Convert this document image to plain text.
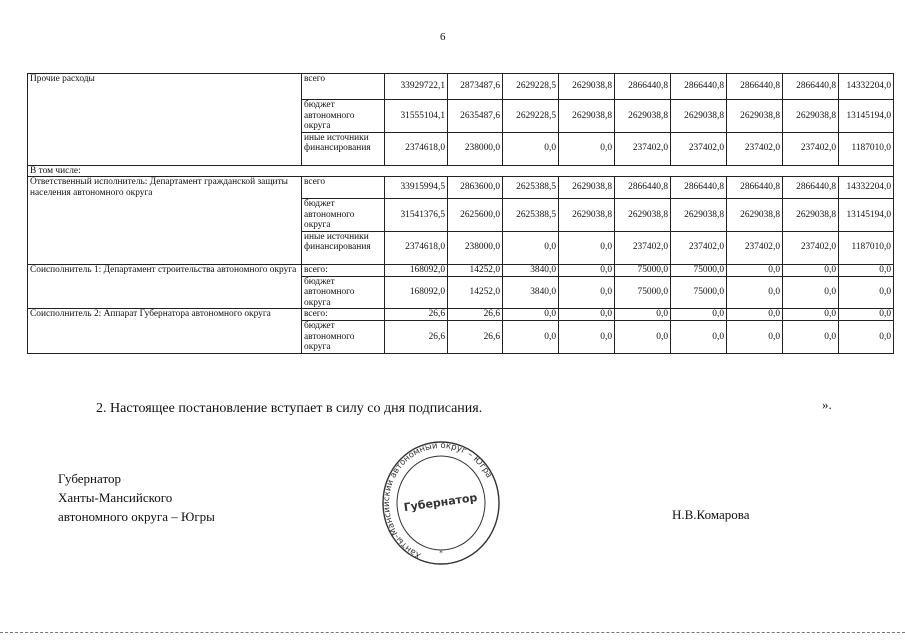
6
Прочие расходы	всего	33929722,1	2873487,6	2629228,5	2629038,8	2866440,8	2866440,8	2866440,8	2866440,8	14332204,0
	бюджет автономного округа	31555104,1	2635487,6	2629228,5	2629038,8	2629038,8	2629038,8	2629038,8	2629038,8	13145194,0
	иные источники финансирования	2374618,0	238000,0	0,0	0,0	237402,0	237402,0	237402,0	237402,0	1187010,0
В том числе:										
Ответственный исполнитель: Департамент гражданской защиты населения автономного округа	всего	33915994,5	2863600,0	2625388,5	2629038,8	2866440,8	2866440,8	2866440,8	2866440,8	14332204,0
	бюджет автономного округа	31541376,5	2625600,0	2625388,5	2629038,8	2629038,8	2629038,8	2629038,8	2629038,8	13145194,0
	иные источники финансирования	2374618,0	238000,0	0,0	0,0	237402,0	237402,0	237402,0	237402,0	1187010,0
Соисполнитель 1: Департамент строительства автономного округа	всего:	168092,0	14252,0	3840,0	0,0	75000,0	75000,0	0,0	0,0	0,0
	бюджет автономного округа	168092,0	14252,0	3840,0	0,0	75000,0	75000,0	0,0	0,0	0,0
Соисполнитель 2: Аппарат Губернатора автономного округа	всего:	26,6	26,6	0,0	0,0	0,0	0,0	0,0	0,0	0,0
	бюджет автономного округа	26,6	26,6	0,0	0,0	0,0	0,0	0,0	0,0	0,0
».
2. Настоящее постановление вступает в силу со дня подписания.
Губернатор
Ханты-Мансийского
автономного округа – Югры	Н.В.Комарова
Ханты-Мансийский автономный округ – Югра
Губернатор
*
